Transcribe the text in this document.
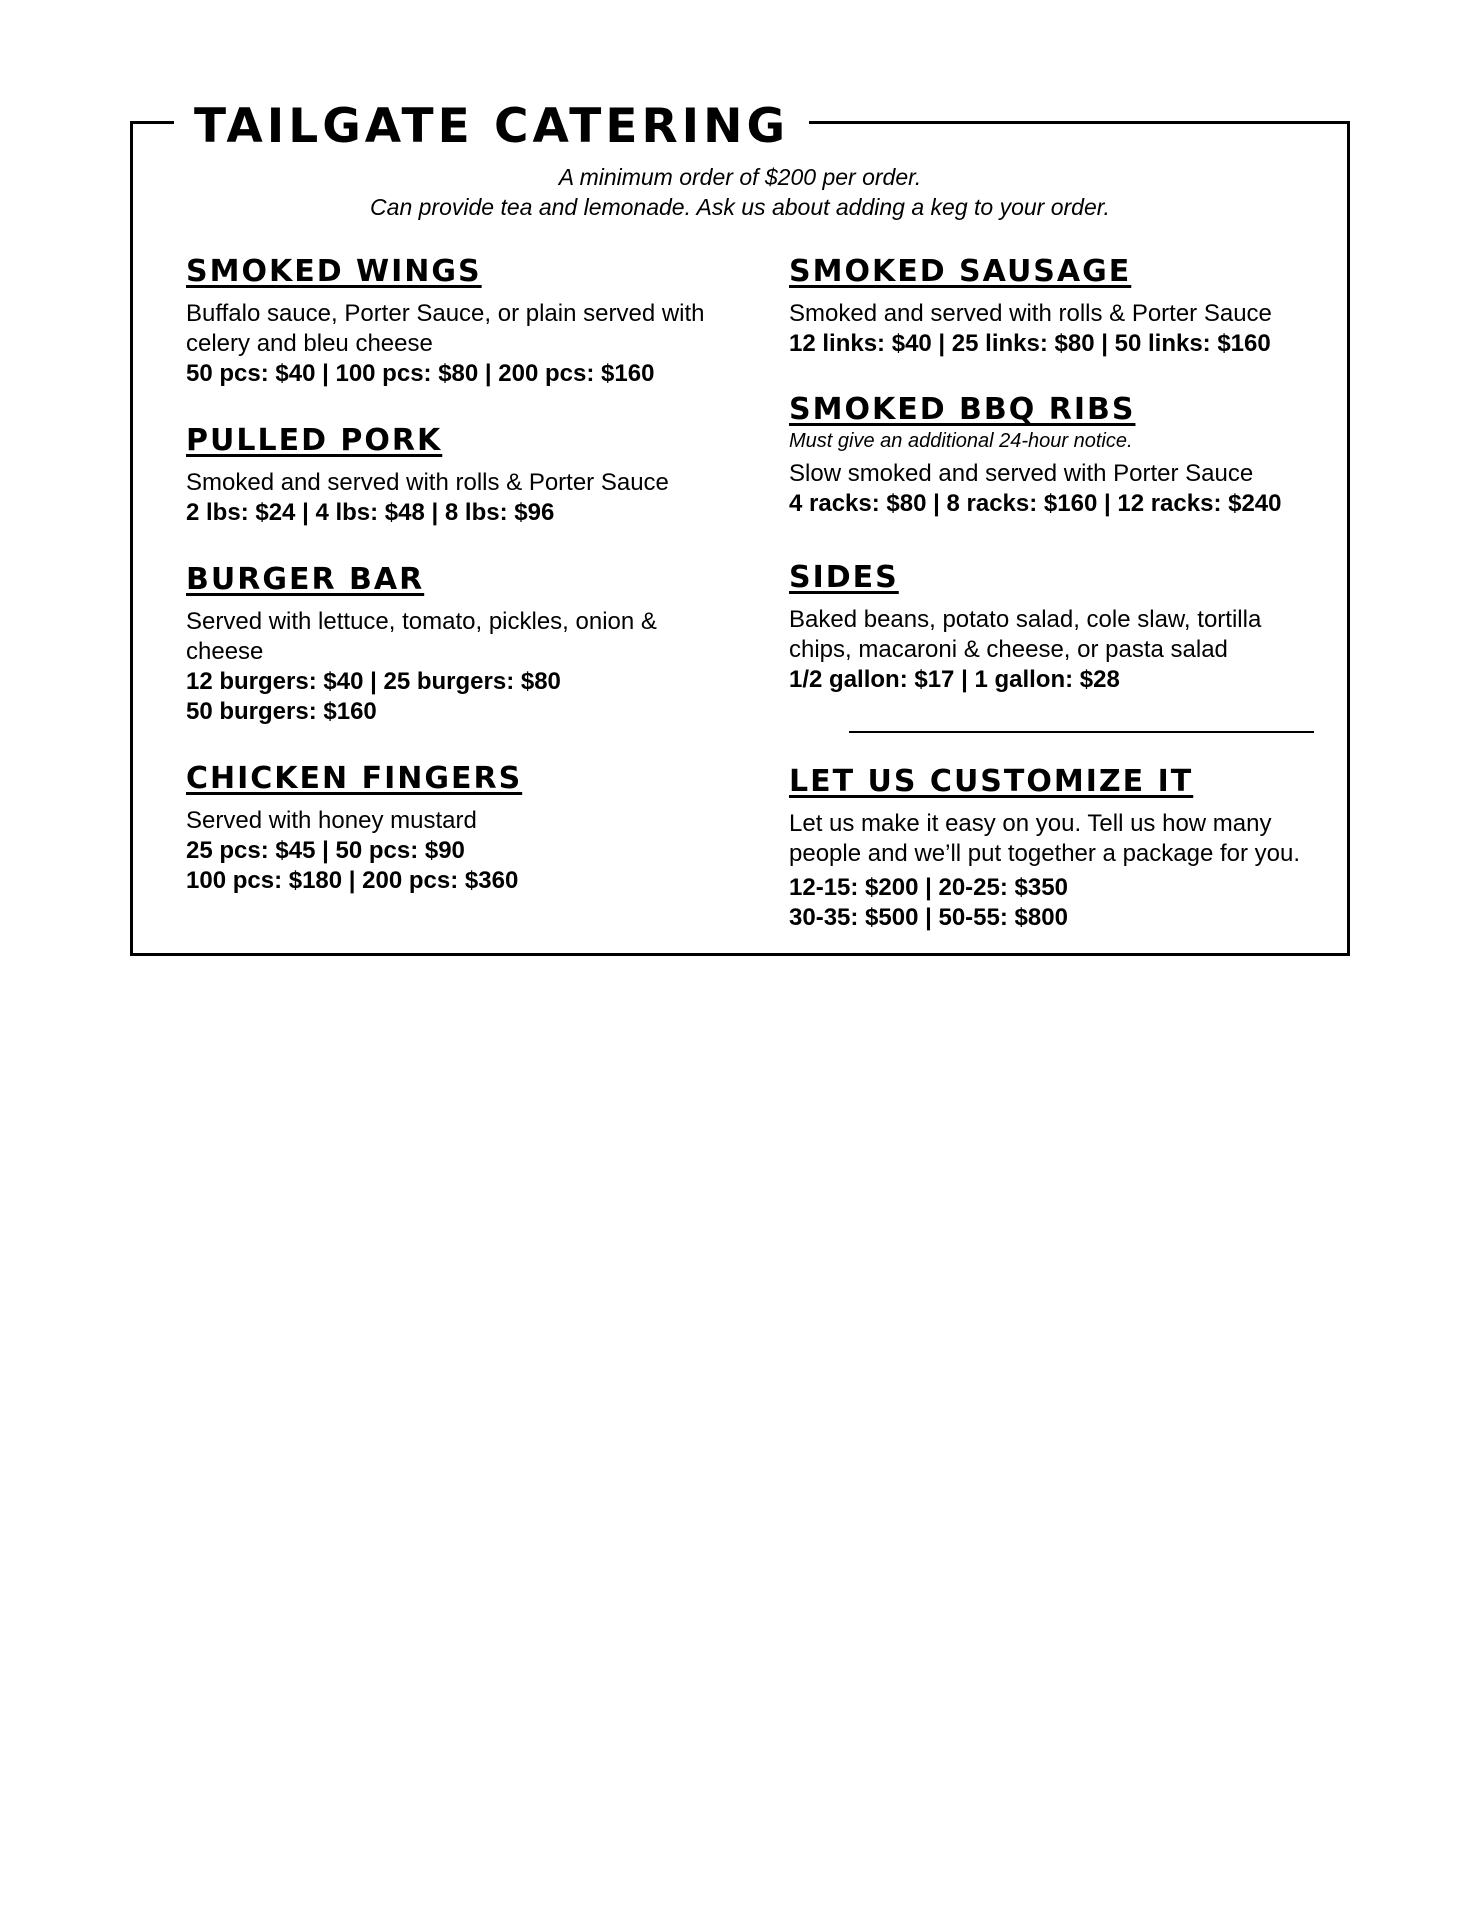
TAILGATE CATERING
A minimum order of $200 per order.
Can provide tea and lemonade. Ask us about adding a keg to your order.
SMOKED WINGS
Buffalo sauce, Porter Sauce, or plain served with celery and bleu cheese
50 pcs: $40 | 100 pcs: $80 | 200 pcs: $160
PULLED PORK
Smoked and served with rolls & Porter Sauce
2 lbs: $24 | 4 lbs: $48 | 8 lbs: $96
BURGER BAR
Served with lettuce, tomato, pickles, onion & cheese
12 burgers: $40 | 25 burgers: $80
50 burgers: $160
CHICKEN FINGERS
Served with honey mustard
25 pcs: $45 | 50 pcs: $90
100 pcs: $180 | 200 pcs: $360
SMOKED SAUSAGE
Smoked and served with rolls & Porter Sauce
12 links: $40 | 25 links: $80 | 50 links: $160
SMOKED BBQ RIBS
Must give an additional 24-hour notice.
Slow smoked and served with Porter Sauce
4 racks: $80 | 8 racks: $160 | 12 racks: $240
SIDES
Baked beans, potato salad, cole slaw, tortilla chips, macaroni & cheese, or pasta salad
1/2 gallon: $17 | 1 gallon: $28
LET US CUSTOMIZE IT
Let us make it easy on you. Tell us how many people and we’ll put together a package for you.
12-15: $200 | 20-25: $350
30-35: $500 | 50-55: $800
